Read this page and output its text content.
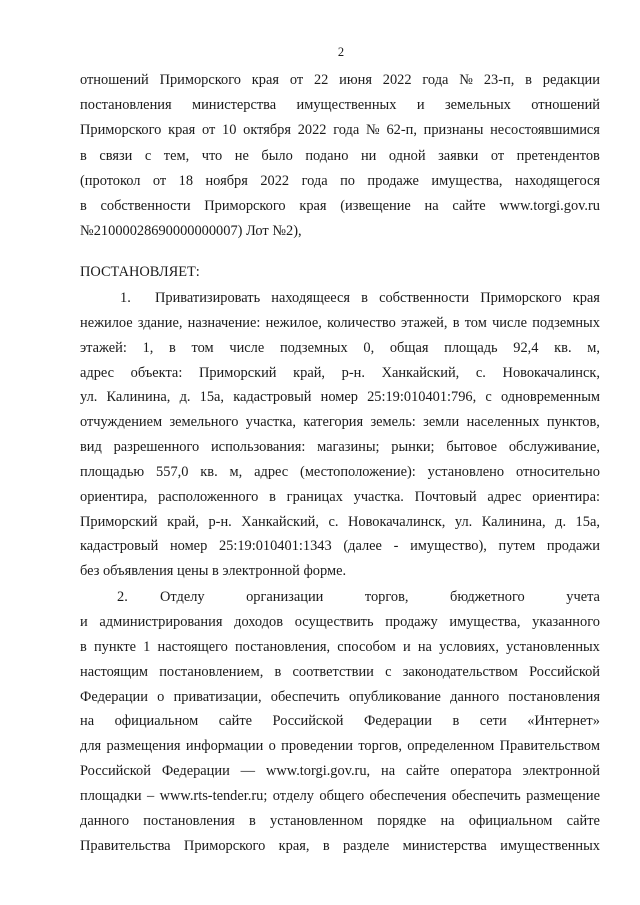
2
отношений Приморского края от 22 июня 2022 года № 23-п, в редакции
постановления министерства имущественных и земельных отношений
Приморского края от 10 октября 2022 года № 62-п, признаны несостоявшимися
в связи с тем, что не было подано ни одной заявки от претендентов
(протокол от 18 ноября 2022 года по продаже имущества, находящегося
в собственности Приморского края (извещение на сайте www.torgi.gov.ru
№21000028690000000007) Лот №2),
ПОСТАНОВЛЯЕТ:
1. Приватизировать находящееся в собственности Приморского края
нежилое здание, назначение: нежилое, количество этажей, в том числе подземных
этажей: 1, в том числе подземных 0, общая площадь 92,4 кв. м,
адрес объекта: Приморский край, р-н. Ханкайский, с. Новокачалинск,
ул. Калинина, д. 15а, кадастровый номер 25:19:010401:796, с одновременным
отчуждением земельного участка, категория земель: земли населенных пунктов,
вид разрешенного использования: магазины; рынки; бытовое обслуживание,
площадью 557,0 кв. м, адрес (местоположение): установлено относительно
ориентира, расположенного в границах участка. Почтовый адрес ориентира:
Приморский край, р-н. Ханкайский, с. Новокачалинск, ул. Калинина, д. 15а,
кадастровый номер 25:19:010401:1343 (далее - имущество), путем продажи
без объявления цены в электронной форме.
2. Отделу	организации	торгов,	бюджетного	учета
и администрирования доходов осуществить продажу имущества, указанного
в пункте 1 настоящего постановления, способом и на условиях, установленных
настоящим постановлением, в соответствии с законодательством Российской
Федерации о приватизации, обеспечить опубликование данного постановления
на официальном сайте Российской Федерации в сети «Интернет»
для размещения информации о проведении торгов, определенном Правительством
Российской Федерации — www.torgi.gov.ru, на сайте оператора электронной
площадки – www.rts-tender.ru; отделу общего обеспечения обеспечить размещение
данного постановления в установленном порядке на официальном сайте
Правительства Приморского края, в разделе министерства имущественных
